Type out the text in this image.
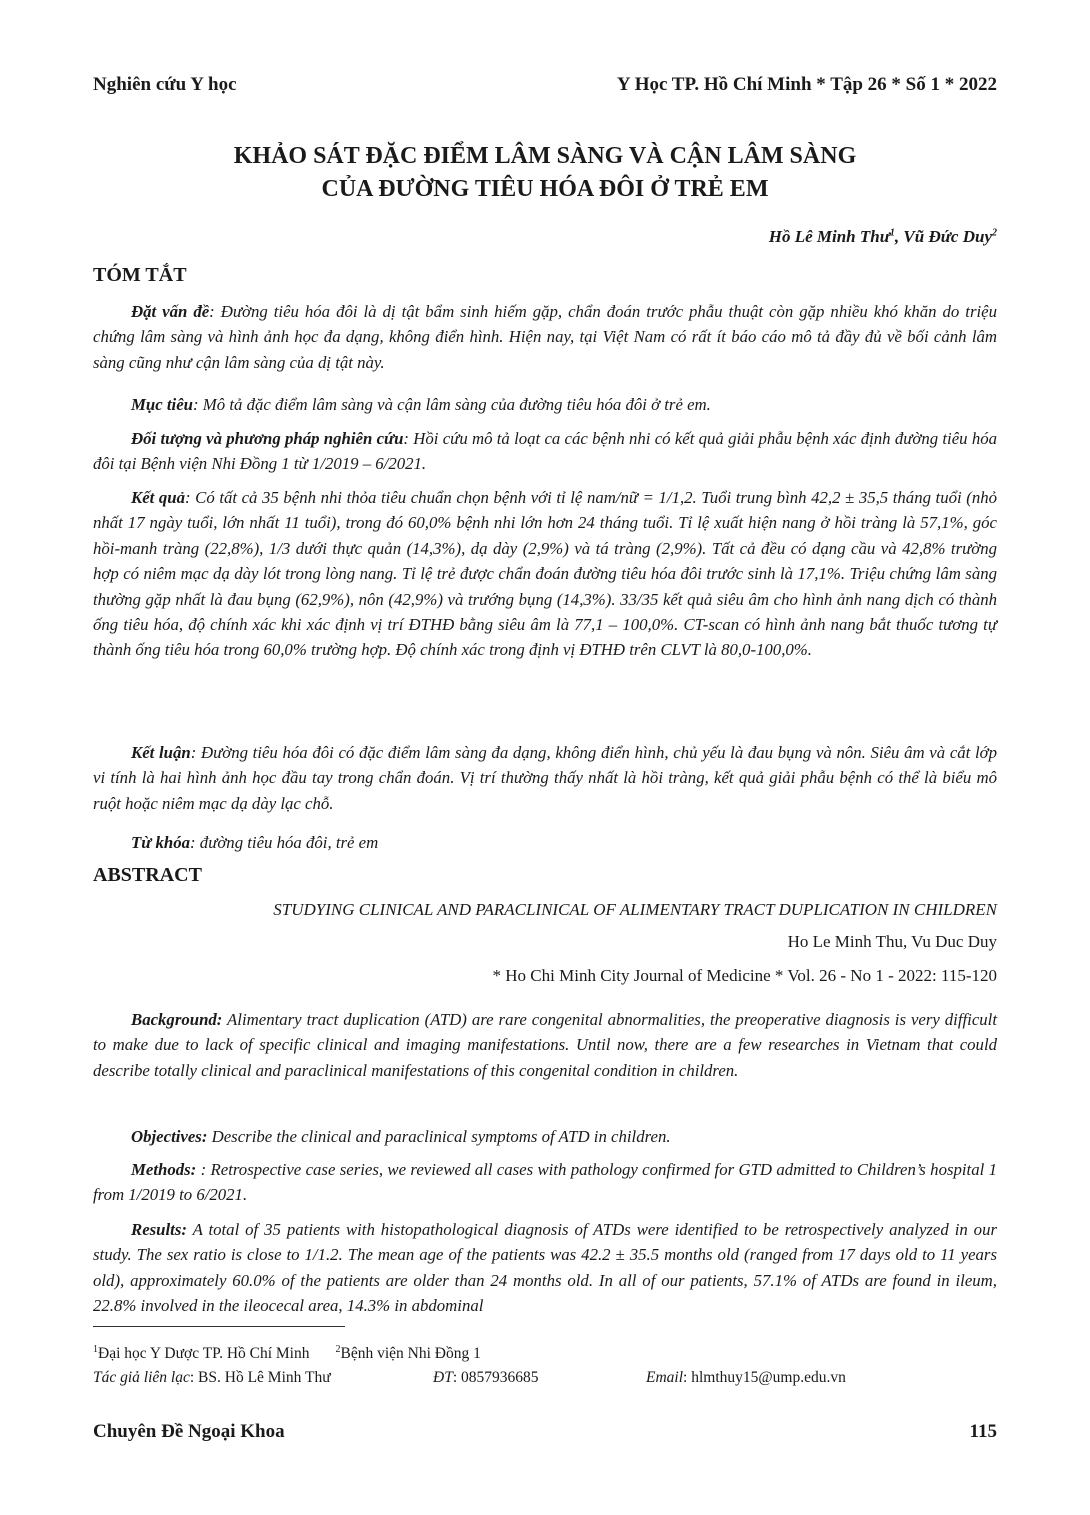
Nghiên cứu Y học	Y Học TP. Hồ Chí Minh * Tập 26 * Số 1 * 2022
KHẢO SÁT ĐẶC ĐIỂM LÂM SÀNG VÀ CẬN LÂM SÀNG
CỦA ĐƯỜNG TIÊU HÓA ĐÔI Ở TRẺ EM
Hồ Lê Minh Thư$^1$, Vũ Đức Duy$^2$
TÓM TẮT

Đặt vấn đề: Đường tiêu hóa đôi là dị tật bẩm sinh hiếm gặp, chẩn đoán trước phẫu thuật còn gặp nhiều khó khăn do triệu chứng lâm sàng và hình ảnh học đa dạng, không điển hình. Hiện nay, tại Việt Nam có rất ít báo cáo mô tả đầy đủ về bối cảnh lâm sàng cũng như cận lâm sàng của dị tật này.

Mục tiêu: Mô tả đặc điểm lâm sàng và cận lâm sàng của đường tiêu hóa đôi ở trẻ em.

Đối tượng và phương pháp nghiên cứu: Hồi cứu mô tả loạt ca các bệnh nhi có kết quả giải phẫu bệnh xác định đường tiêu hóa đôi tại Bệnh viện Nhi Đồng 1 từ 1/2019 – 6/2021.

Kết quả: Có tất cả 35 bệnh nhi thỏa tiêu chuẩn chọn bệnh với tỉ lệ nam/nữ = 1/1,2. Tuổi trung bình 42,2 ± 35,5 tháng tuổi (nhỏ nhất 17 ngày tuổi, lớn nhất 11 tuổi), trong đó 60,0% bệnh nhi lớn hơn 24 tháng tuổi. Tỉ lệ xuất hiện nang ở hồi tràng là 57,1%, góc hồi-manh tràng (22,8%), 1/3 dưới thực quản (14,3%), dạ dày (2,9%) và tá tràng (2,9%). Tất cả đều có dạng cầu và 42,8% trường hợp có niêm mạc dạ dày lót trong lòng nang. Tỉ lệ trẻ được chẩn đoán đường tiêu hóa đôi trước sinh là 17,1%. Triệu chứng lâm sàng thường gặp nhất là đau bụng (62,9%), nôn (42,9%) và trướng bụng (14,3%). 33/35 kết quả siêu âm cho hình ảnh nang dịch có thành ống tiêu hóa, độ chính xác khi xác định vị trí ĐTHĐ bằng siêu âm là 77,1 – 100,0%. CT-scan có hình ảnh nang bắt thuốc tương tự thành ống tiêu hóa trong 60,0% trường hợp. Độ chính xác trong định vị ĐTHĐ trên CLVT là 80,0-100,0%.

Kết luận: Đường tiêu hóa đôi có đặc điểm lâm sàng đa dạng, không điển hình, chủ yếu là đau bụng và nôn. Siêu âm và cắt lớp vi tính là hai hình ảnh học đầu tay trong chẩn đoán. Vị trí thường thấy nhất là hồi tràng, kết quả giải phẫu bệnh có thể là biểu mô ruột hoặc niêm mạc dạ dày lạc chỗ.

Từ khóa: đường tiêu hóa đôi, trẻ em

ABSTRACT
STUDYING CLINICAL AND PARACLINICAL OF ALIMENTARY TRACT DUPLICATION IN CHILDREN
Ho Le Minh Thu, Vu Duc Duy
* Ho Chi Minh City Journal of Medicine * Vol. 26 - No 1 - 2022: 115-120

Background: Alimentary tract duplication (ATD) are rare congenital abnormalities, the preoperative diagnosis is very difficult to make due to lack of specific clinical and imaging manifestations. Until now, there are a few researches in Vietnam that could describe totally clinical and paraclinical manifestations of this congenital condition in children.

Objectives: Describe the clinical and paraclinical symptoms of ATD in children.

Methods: : Retrospective case series, we reviewed all cases with pathology confirmed for GTD admitted to Children’s hospital 1 from 1/2019 to 6/2021.

Results: A total of 35 patients with histopathological diagnosis of ATDs were identified to be retrospectively analyzed in our study. The sex ratio is close to 1/1.2. The mean age of the patients was 42.2 ± 35.5 months old (ranged from 17 days old to 11 years old), approximately 60.0% of the patients are older than 24 months old. In all of our patients, 57.1% of ATDs are found in ileum, 22.8% involved in the ileocecal area, 14.3% in abdominal

$^1$Đại học Y Dược TP. Hồ Chí Minh	$^2$Bệnh viện Nhi Đồng 1
Tác giả liên lạc : BS. Hồ Lê Minh Thư	ĐT : 0857936685	Email : hlmthuy15@ump.edu.vn
Chuyên Đề Ngoại Khoa	115
